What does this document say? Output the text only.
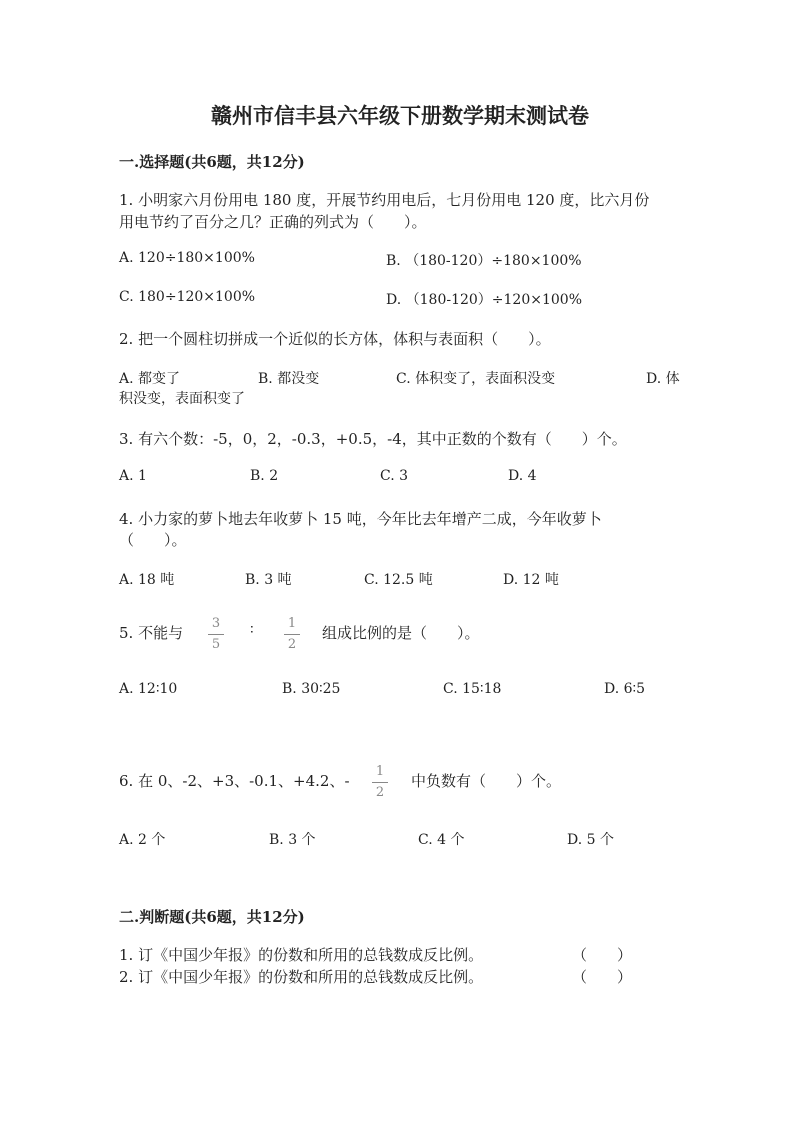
赣州市信丰县六年级下册数学期末测试卷
一.选择题(共6题，共12分)
1. 小明家六月份用电 180 度，开展节约用电后，七月份用电 120 度，比六月份
用电节约了百分之几？正确的列式为（　　）。
A. 120÷180×100%	B. （180-120）÷180×100%
C. 180÷120×100%	D. （180-120）÷120×100%
2. 把一个圆柱切拼成一个近似的长方体，体积与表面积（　　）。
A. 都变了	B. 都没变	C. 体积变了，表面积没变	D. 体
积没变，表面积变了
3. 有六个数：-5，0，2，-0.3，+0.5，-4，其中正数的个数有（　　）个。
A. 1	B. 2	C. 3	D. 4
4. 小力家的萝卜地去年收萝卜 15 吨，今年比去年增产二成，今年收萝卜
（　　）。
A. 18 吨	B. 3 吨	C. 12.5 吨	D. 12 吨
5. 不能与
3
5
∶	1
2
组成比例的是（　　）。
A. 12∶10	B. 30∶25	C. 15∶18	D. 6∶5
6. 在 0、-2、+3、-0.1、+4.2、-
1
2
中负数有（　　）个。
A. 2 个	B. 3 个	C. 4 个	D. 5 个
二.判断题(共6题，共12分)
1. 订《中国少年报》的份数和所用的总钱数成反比例。	（　　）
2. 订《中国少年报》的份数和所用的总钱数成反比例。	（　　）
